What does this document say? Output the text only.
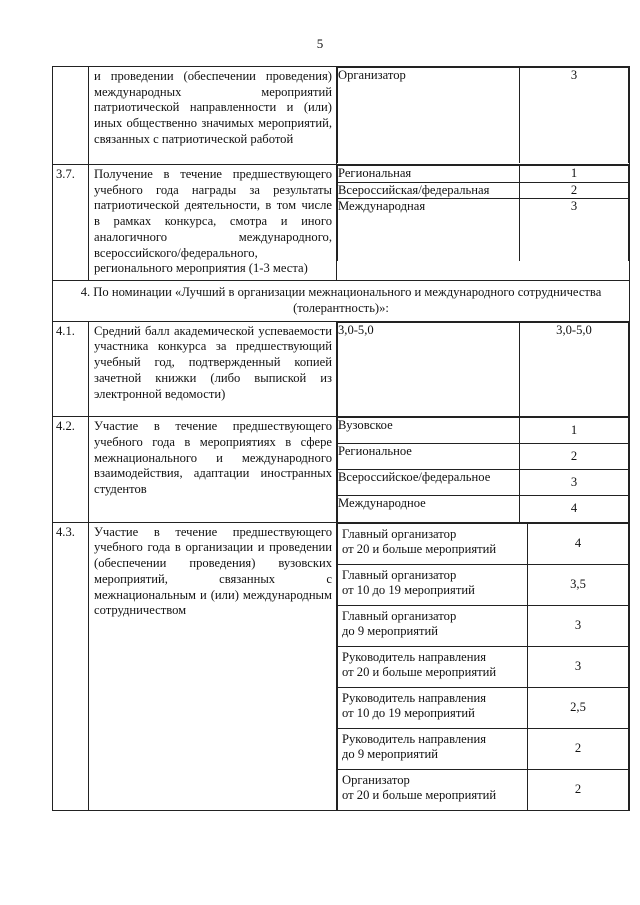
5
	и проведении (обеспечении проведения) международных мероприятий патриотической направленности и (или) иных общественно значимых мероприятий, связанных с патриотической работой	
Организатор	3

3.7.	Получение в течение предшествующего учебного года награды за результаты патриотической деятельности, в том числе в рамках конкурса, смотра и иного аналогичного международного, всероссийского/федерального, регионального мероприятия (1-3 места)	
Региональная	1
Всероссийская/федеральная	2
Международная	3

4. По номинации «Лучший в организации межнационального и международного сотрудничества (толерантность)»:
4.1.	Средний балл академической успеваемости участника конкурса за предшествующий учебный год, подтвержденный копией зачетной книжки (либо выпиской из электронной ведомости)	
3,0-5,0	3,0-5,0

4.2.	Участие в течение предшествующего учебного года в мероприятиях в сфере межнационального и международного взаимодействия, адаптации иностранных студентов	
Вузовское	1
Региональное	2
Всероссийское/федеральное	3
Международное	4

4.3.	Участие в течение предшествующего учебного года в организации и проведении (обеспечении проведения) вузовских мероприятий, связанных с межнациональным и (или) международным сотрудничеством	
Главный организатор
от 20 и больше мероприятий	4
Главный организатор
от 10 до 19 мероприятий	3,5
Главный организатор
до 9 мероприятий	3
Руководитель направления
от 20 и больше мероприятий	3
Руководитель направления
от 10 до 19 мероприятий	2,5
Руководитель направления
до 9 мероприятий	2
Организатор
от 20 и больше мероприятий	2
